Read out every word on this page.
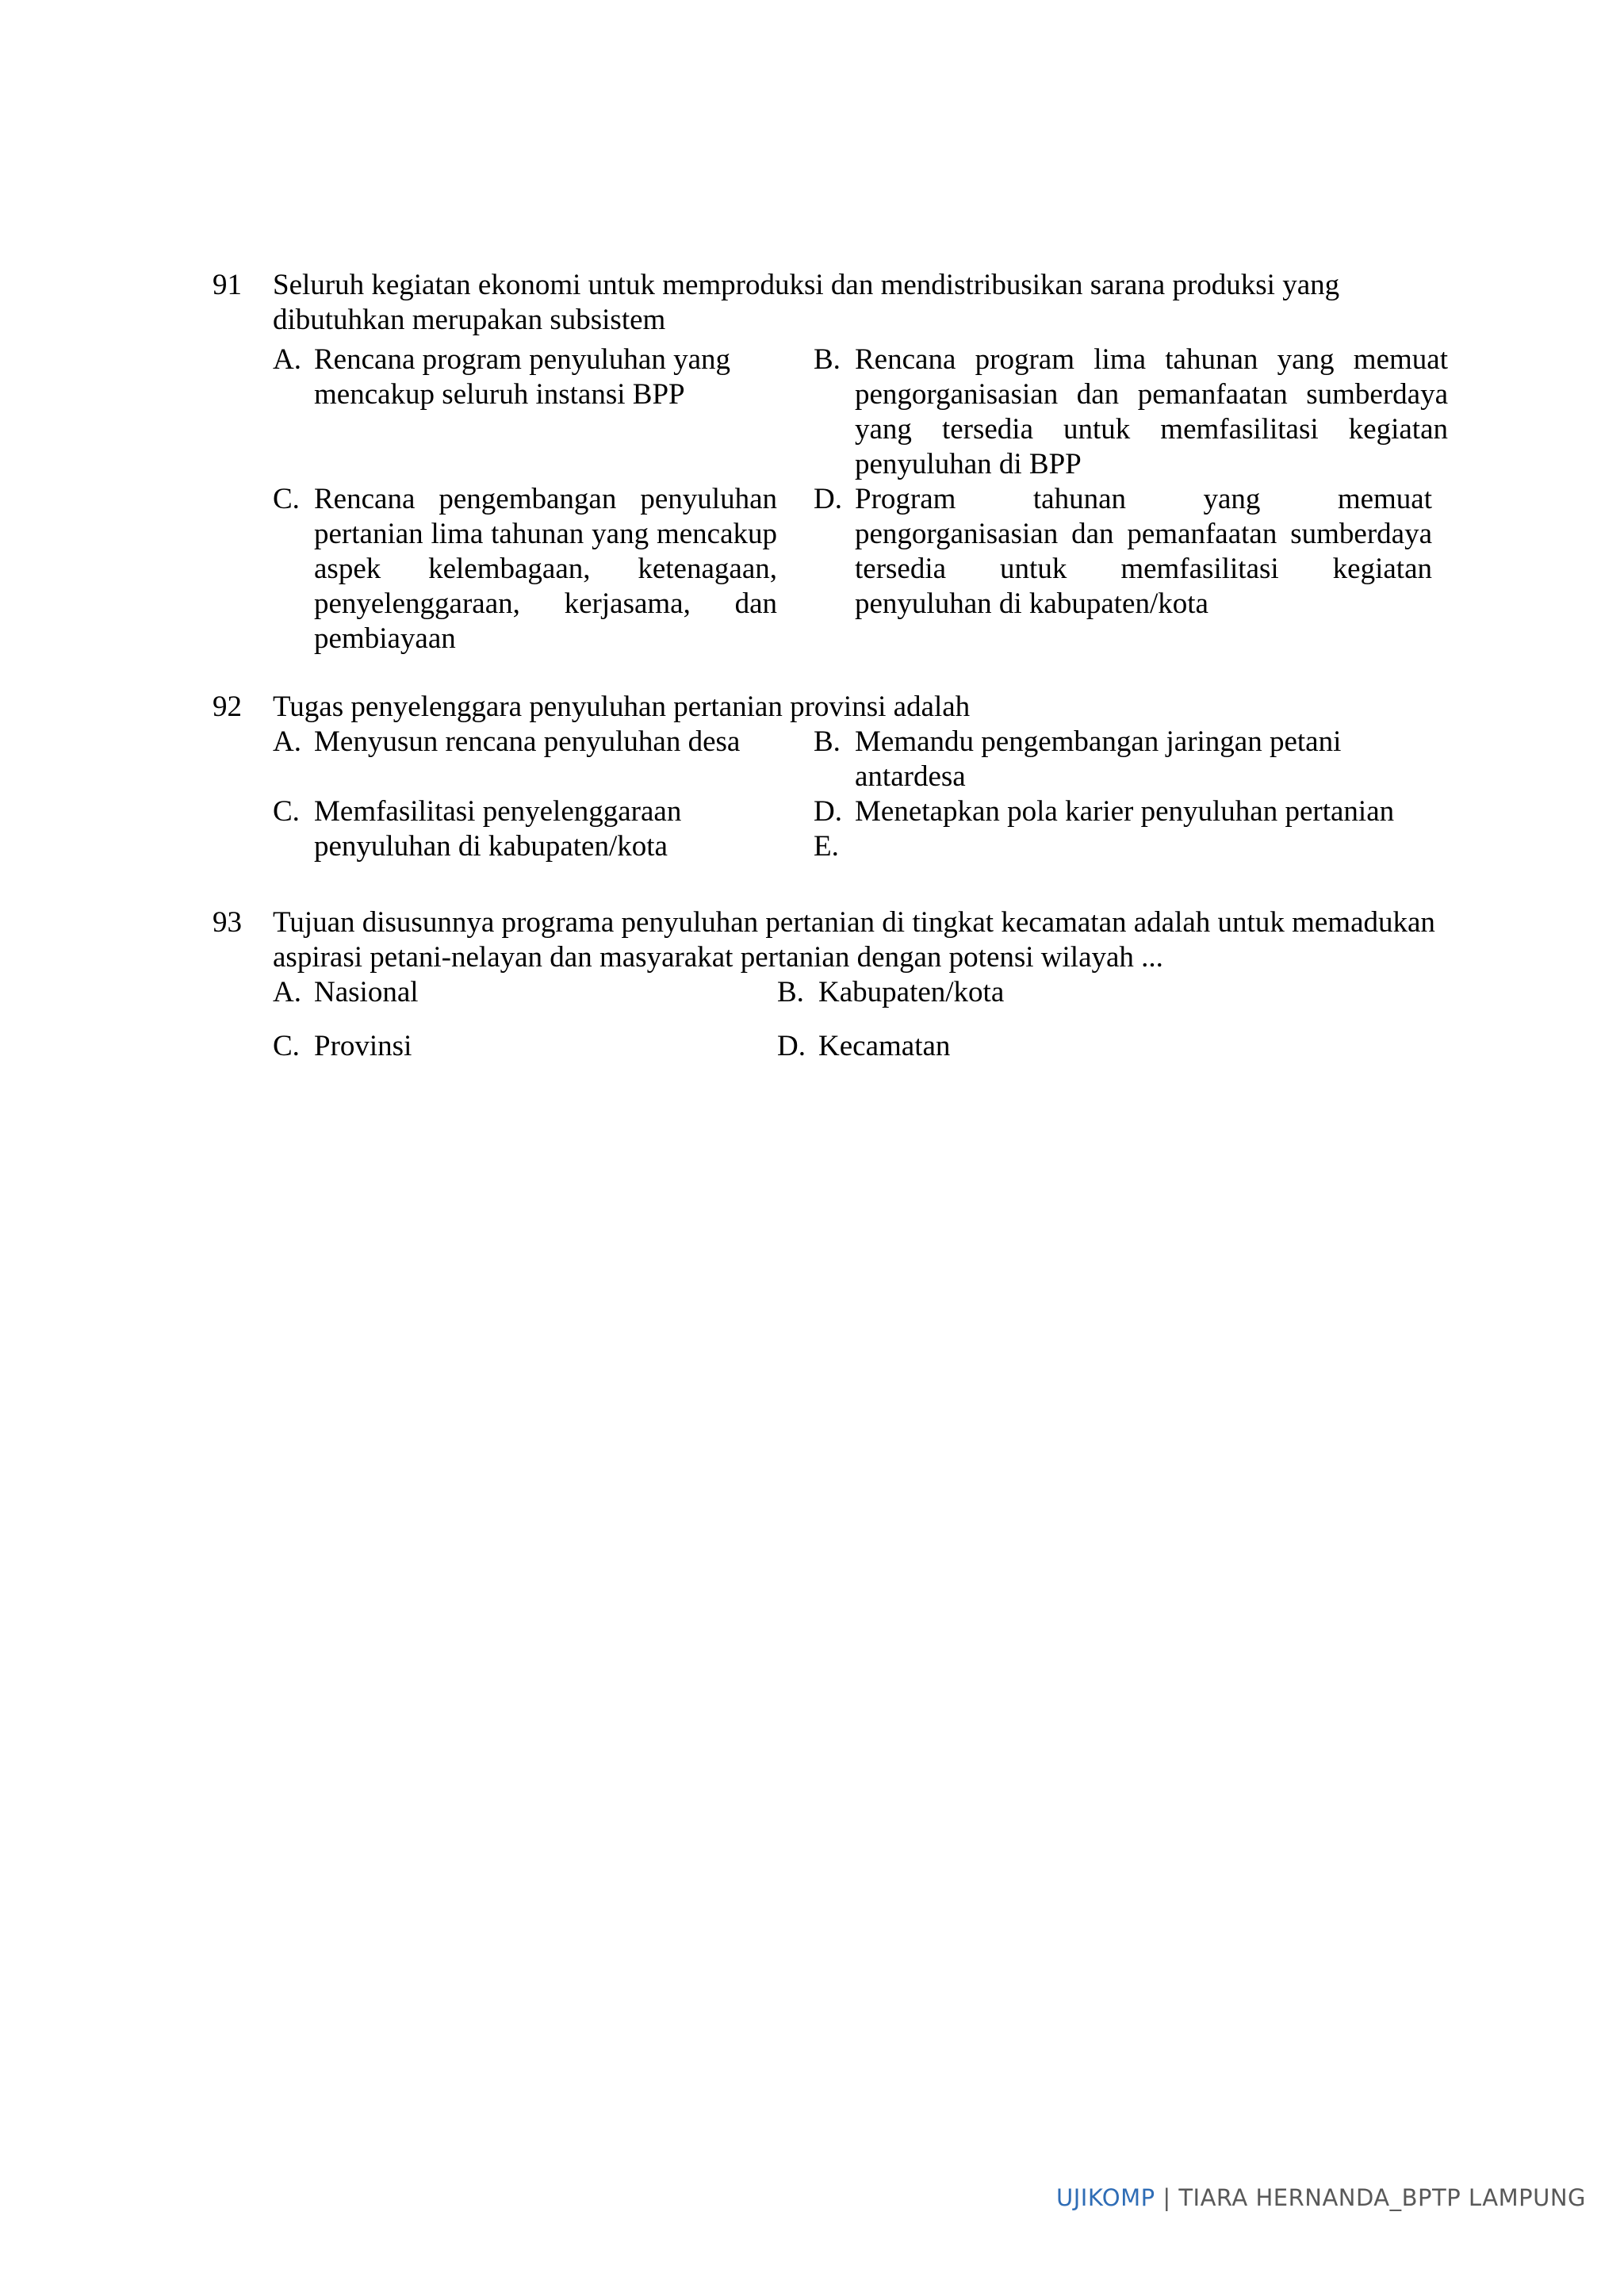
91 Seluruh kegiatan ekonomi untuk memproduksi dan mendistribusikan sarana produksi yang dibutuhkan merupakan subsistem
A. Rencana program penyuluhan yang mencakup seluruh instansi BPP
B. Rencana program lima tahunan yang memuat pengorganisasian dan pemanfaatan sumberdaya yang tersedia untuk memfasilitasi kegiatan penyuluhan di BPP
C. Rencana pengembangan penyuluhan pertanian lima tahunan yang mencakup aspek kelembagaan, ketenagaan, penyelenggaraan, kerjasama, dan pembiayaan
D. Program tahunan yang memuat pengorganisasian dan pemanfaatan sumberdaya tersedia untuk memfasilitasi kegiatan penyuluhan di kabupaten/kota
92 Tugas penyelenggara penyuluhan pertanian provinsi adalah
A. Menyusun rencana penyuluhan desa	B. Memandu pengembangan jaringan petani antardesa
C. Memfasilitasi penyelenggaraan penyuluhan di kabupaten/kota
D. Menetapkan pola karier penyuluhan pertanian
E.
93 Tujuan disusunnya programa penyuluhan pertanian di tingkat kecamatan adalah untuk memadukan aspirasi petani-nelayan dan masyarakat pertanian dengan potensi wilayah ...
A. Nasional	B. Kabupaten/kota
C. Provinsi	D. Kecamatan
UJIKOMP | TIARA HERNANDA_BPTP LAMPUNG
